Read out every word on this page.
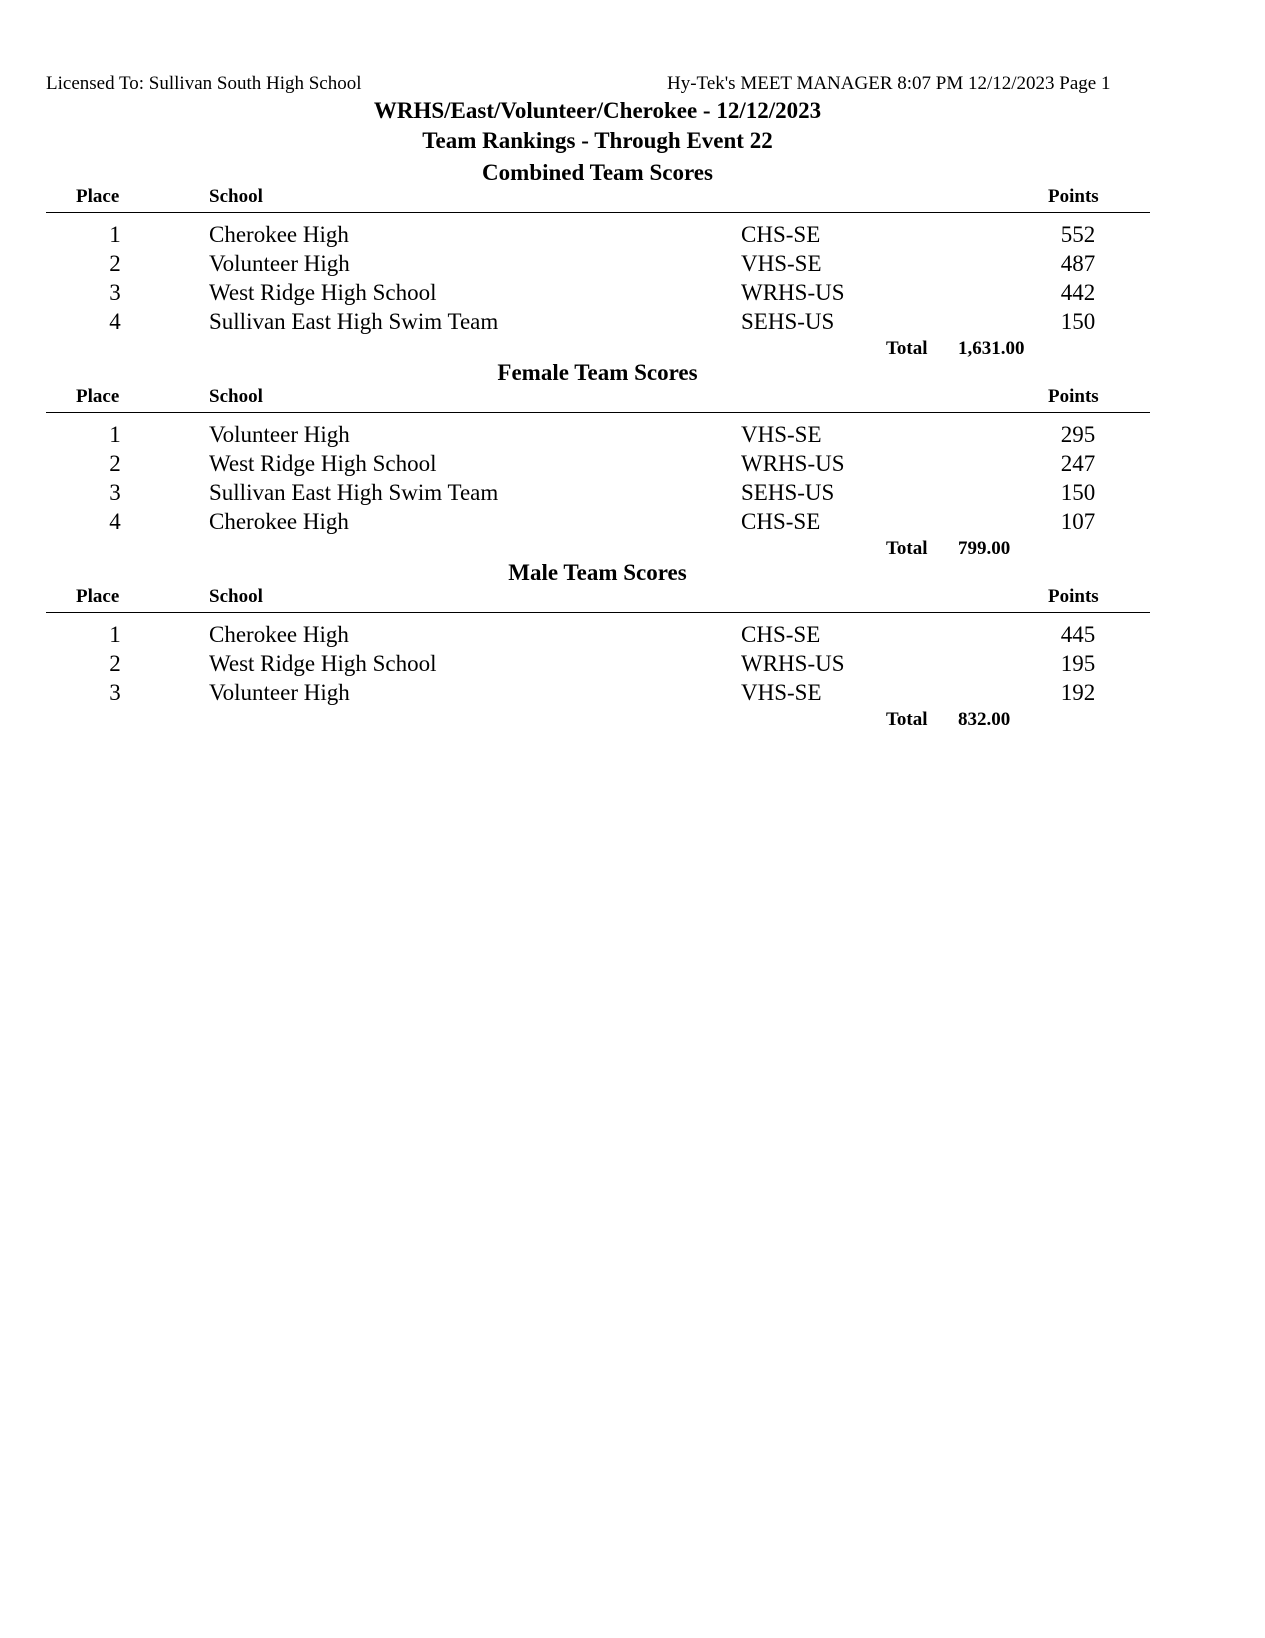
Licensed To: Sullivan South High School	Hy-Tek's MEET MANAGER 8:07 PM 12/12/2023 Page 1
WRHS/East/Volunteer/Cherokee - 12/12/2023
Team Rankings - Through Event 22
Combined Team Scores
Place	School	Points
1	Cherokee High	CHS-SE	552
2	Volunteer High	VHS-SE	487
3	West Ridge High School	WRHS-US	442
4	Sullivan East High Swim Team	SEHS-US	150
Total 1,631.00
Female Team Scores
Place	School	Points
1	Volunteer High	VHS-SE	295
2	West Ridge High School	WRHS-US	247
3	Sullivan East High Swim Team	SEHS-US	150
4	Cherokee High	CHS-SE	107
Total 799.00
Male Team Scores
Place	School	Points
1	Cherokee High	CHS-SE	445
2	West Ridge High School	WRHS-US	195
3	Volunteer High	VHS-SE	192
Total 832.00
